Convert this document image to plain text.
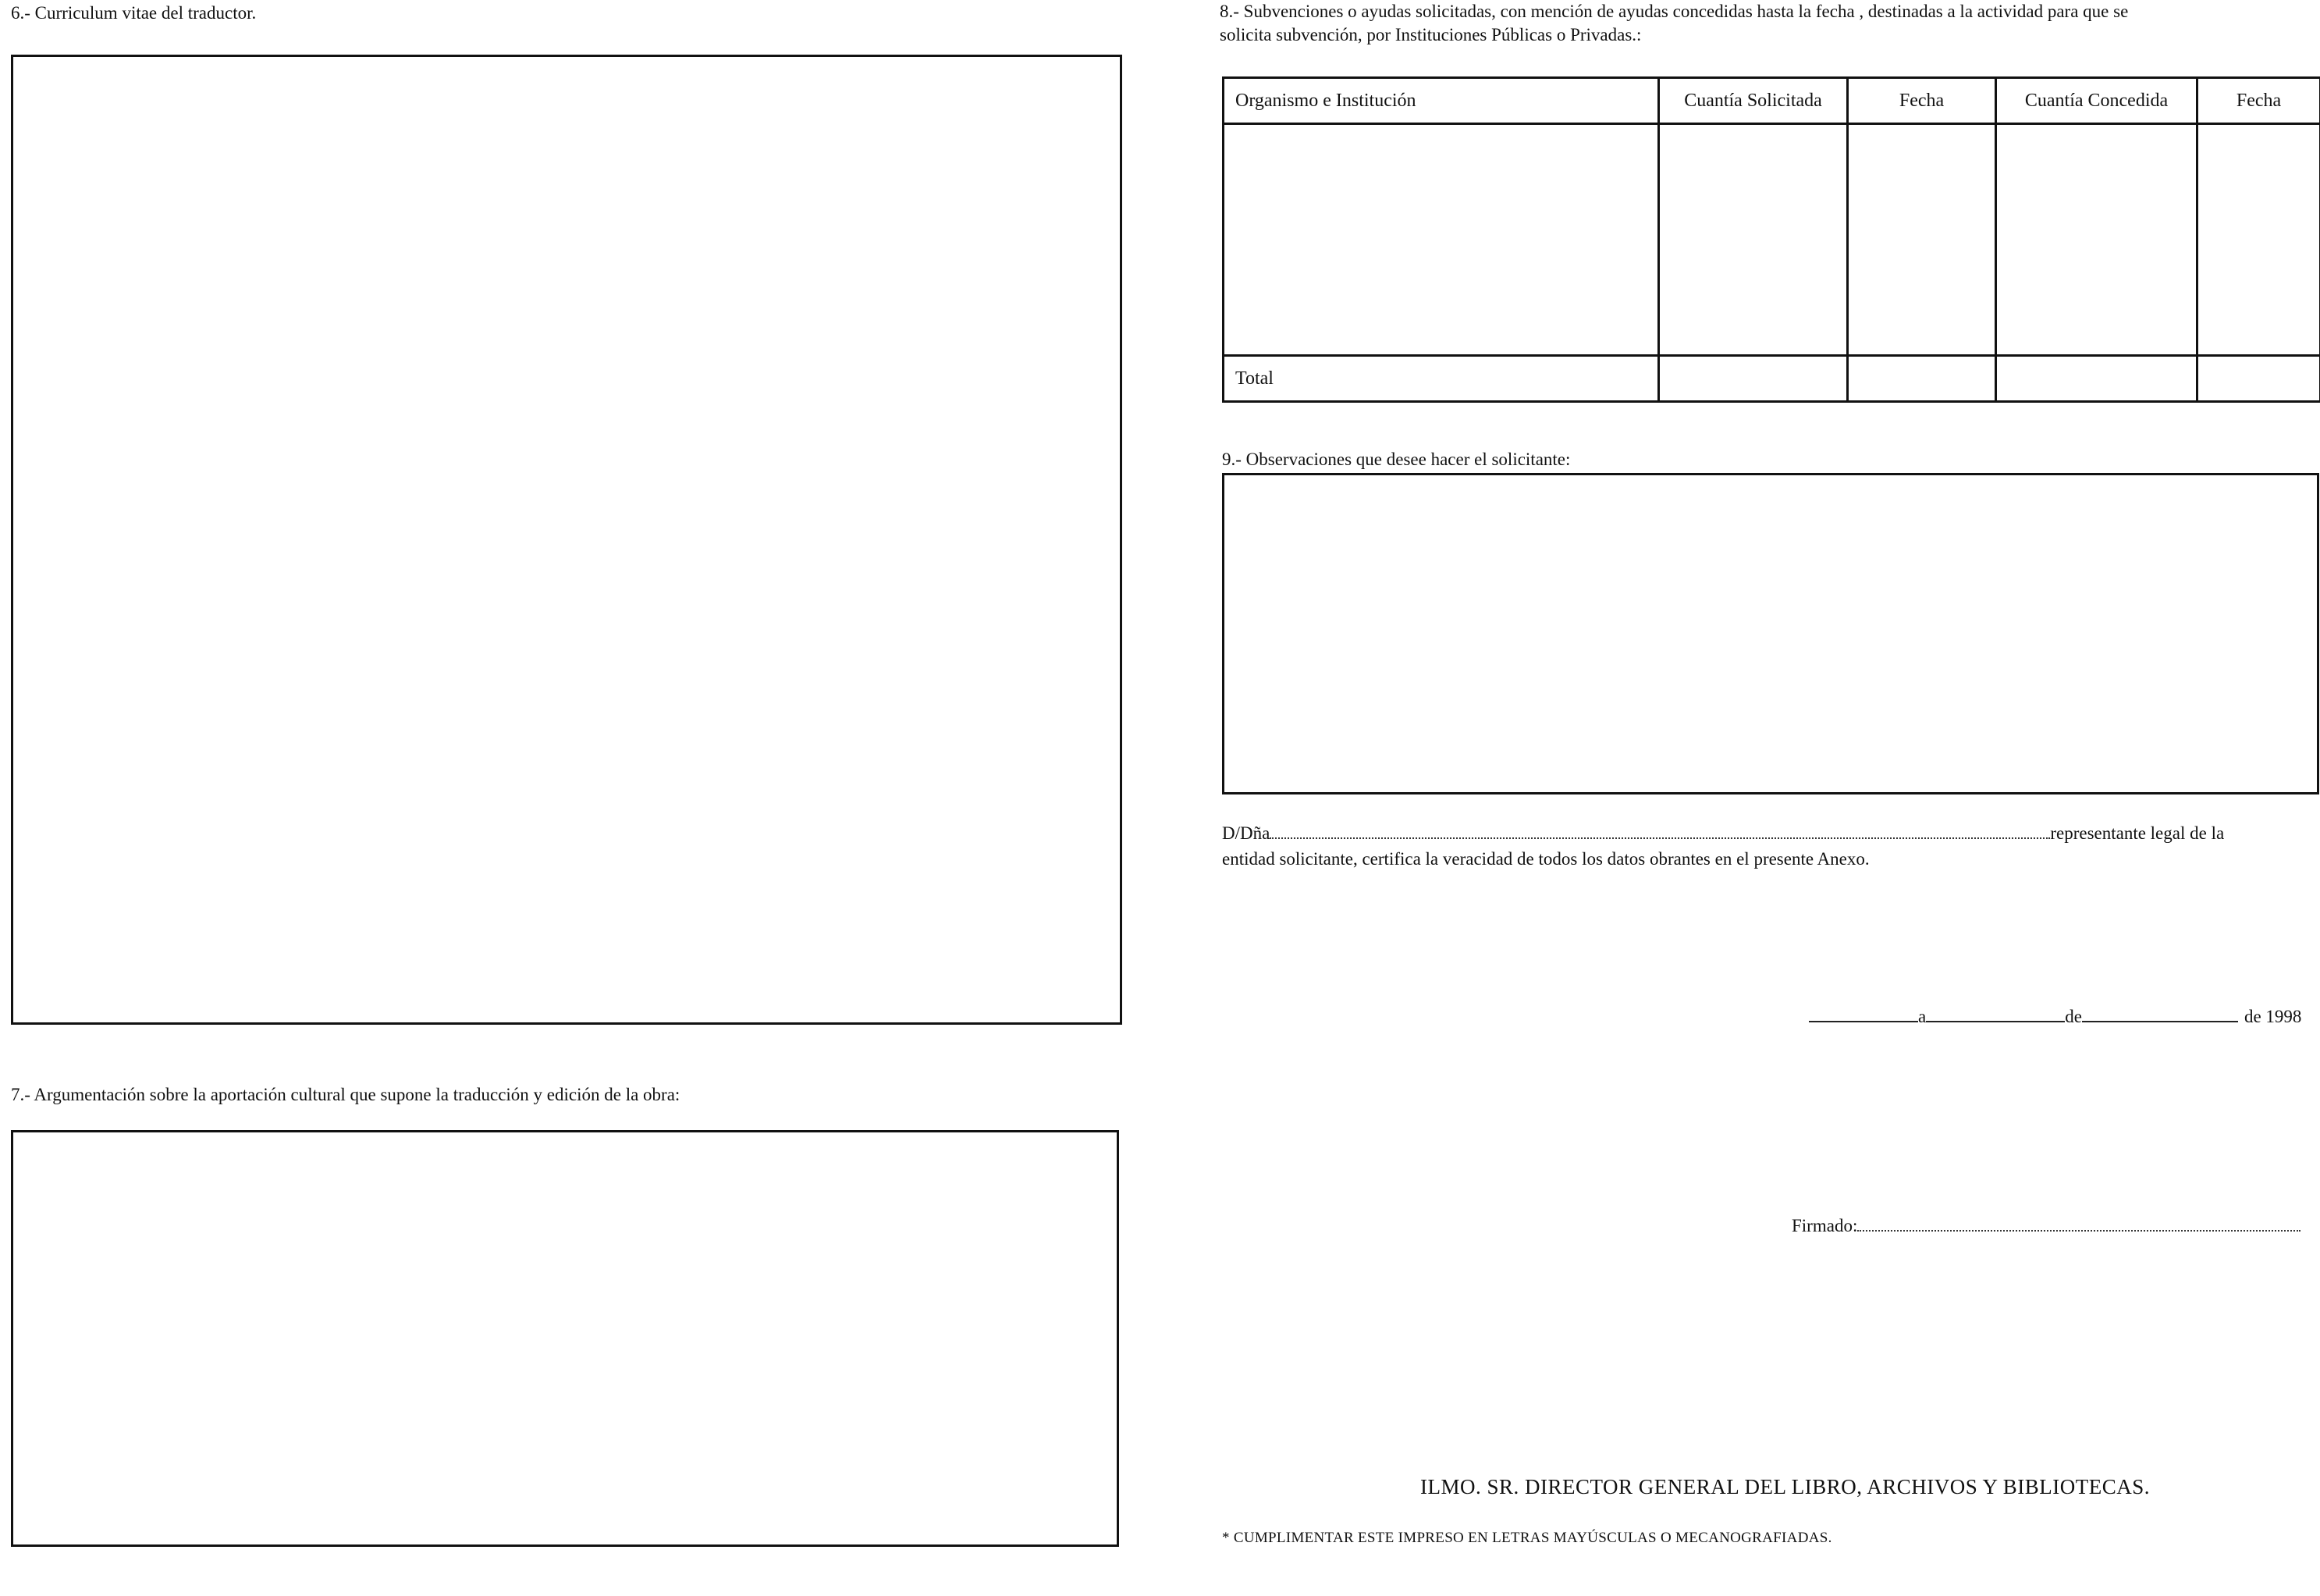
6.- Curriculum vitae del traductor.
7.- Argumentación sobre la aportación cultural que supone la traducción y edición de la obra:
8.- Subvenciones o ayudas solicitadas, con mención de ayudas concedidas hasta la fecha , destinadas a la actividad para que se
solicita subvención, por Instituciones Públicas o Privadas.:
Organismo e Institución	Cuantía Solicitada	Fecha	Cuantía Concedida	Fecha

Total				
9.- Observaciones que desee hacer el solicitante:
D/Dña	representante legal de la
entidad solicitante, certifica la veracidad de todos los datos obrantes en el presente Anexo.
a	de	de 1998
Firmado:
ILMO. SR. DIRECTOR GENERAL DEL LIBRO, ARCHIVOS Y BIBLIOTECAS.
* CUMPLIMENTAR ESTE IMPRESO EN LETRAS MAYÚSCULAS O MECANOGRAFIADAS.
